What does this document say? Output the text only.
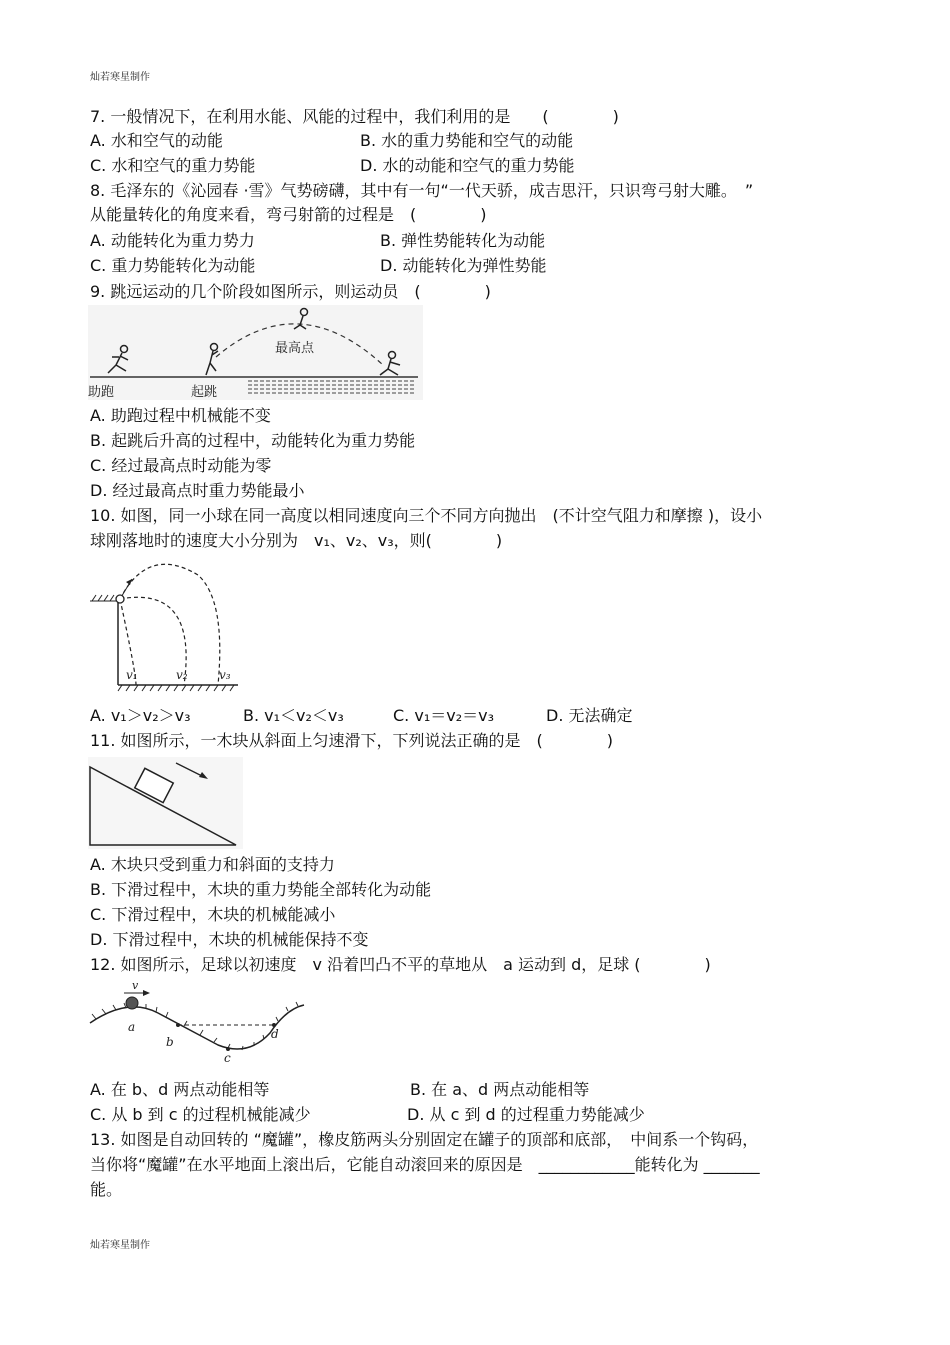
灿若寒星制作
7. 一般情况下，在利用水能、风能的过程中，我们利用的是　　(　　　　)
A. 水和空气的动能	B. 水的重力势能和空气的动能
C. 水和空气的重力势能	D. 水的动能和空气的重力势能
8. 毛泽东的《沁园春 ·雪》气势磅礴，其中有一句“一代天骄，成吉思汗，只识弯弓射大雕。　”
从能量转化的角度来看，弯弓射箭的过程是　(　　　　)
A. 动能转化为重力势力	B. 弹性势能转化为动能
C. 重力势能转化为动能	D. 动能转化为弹性势能
9. 跳远运动的几个阶段如图所示，则运动员　(　　　　)
助跑	起跳
最高点
A. 助跑过程中机械能不变
B. 起跳后升高的过程中，动能转化为重力势能
C. 经过最高点时动能为零
D. 经过最高点时重力势能最小
10. 如图，同一小球在同一高度以相同速度向三个不同方向抛出　(不计空气阻力和摩擦 )，设小
球刚落地时的速度大小分别为　v₁、v₂、v₃，则(　　　　)
v₁	v₂	v₃
A. v₁＞v₂＞v₃	B. v₁＜v₂＜v₃	C. v₁＝v₂＝v₃	D. 无法确定
11. 如图所示，一木块从斜面上匀速滑下，下列说法正确的是　(　　　　)
A. 木块只受到重力和斜面的支持力
B. 下滑过程中，木块的重力势能全部转化为动能
C. 下滑过程中，木块的机械能减小
D. 下滑过程中，木块的机械能保持不变
12. 如图所示，足球以初速度　v 沿着凹凸不平的草地从　a 运动到 d，足球 (　　　　)
v
a
b
c
d
A. 在 b、d 两点动能相等	B. 在 a、d 两点动能相等
C. 从 b 到 c 的过程机械能减少	D. 从 c 到 d 的过程重力势能减少
13. 如图是自动回转的 “魔罐”，橡皮筋两头分别固定在罐子的顶部和底部，　中间系一个钩码，
当你将“魔罐”在水平地面上滚出后，它能自动滚回来的原因是　____________能转化为 _______
能。
灿若寒星制作
